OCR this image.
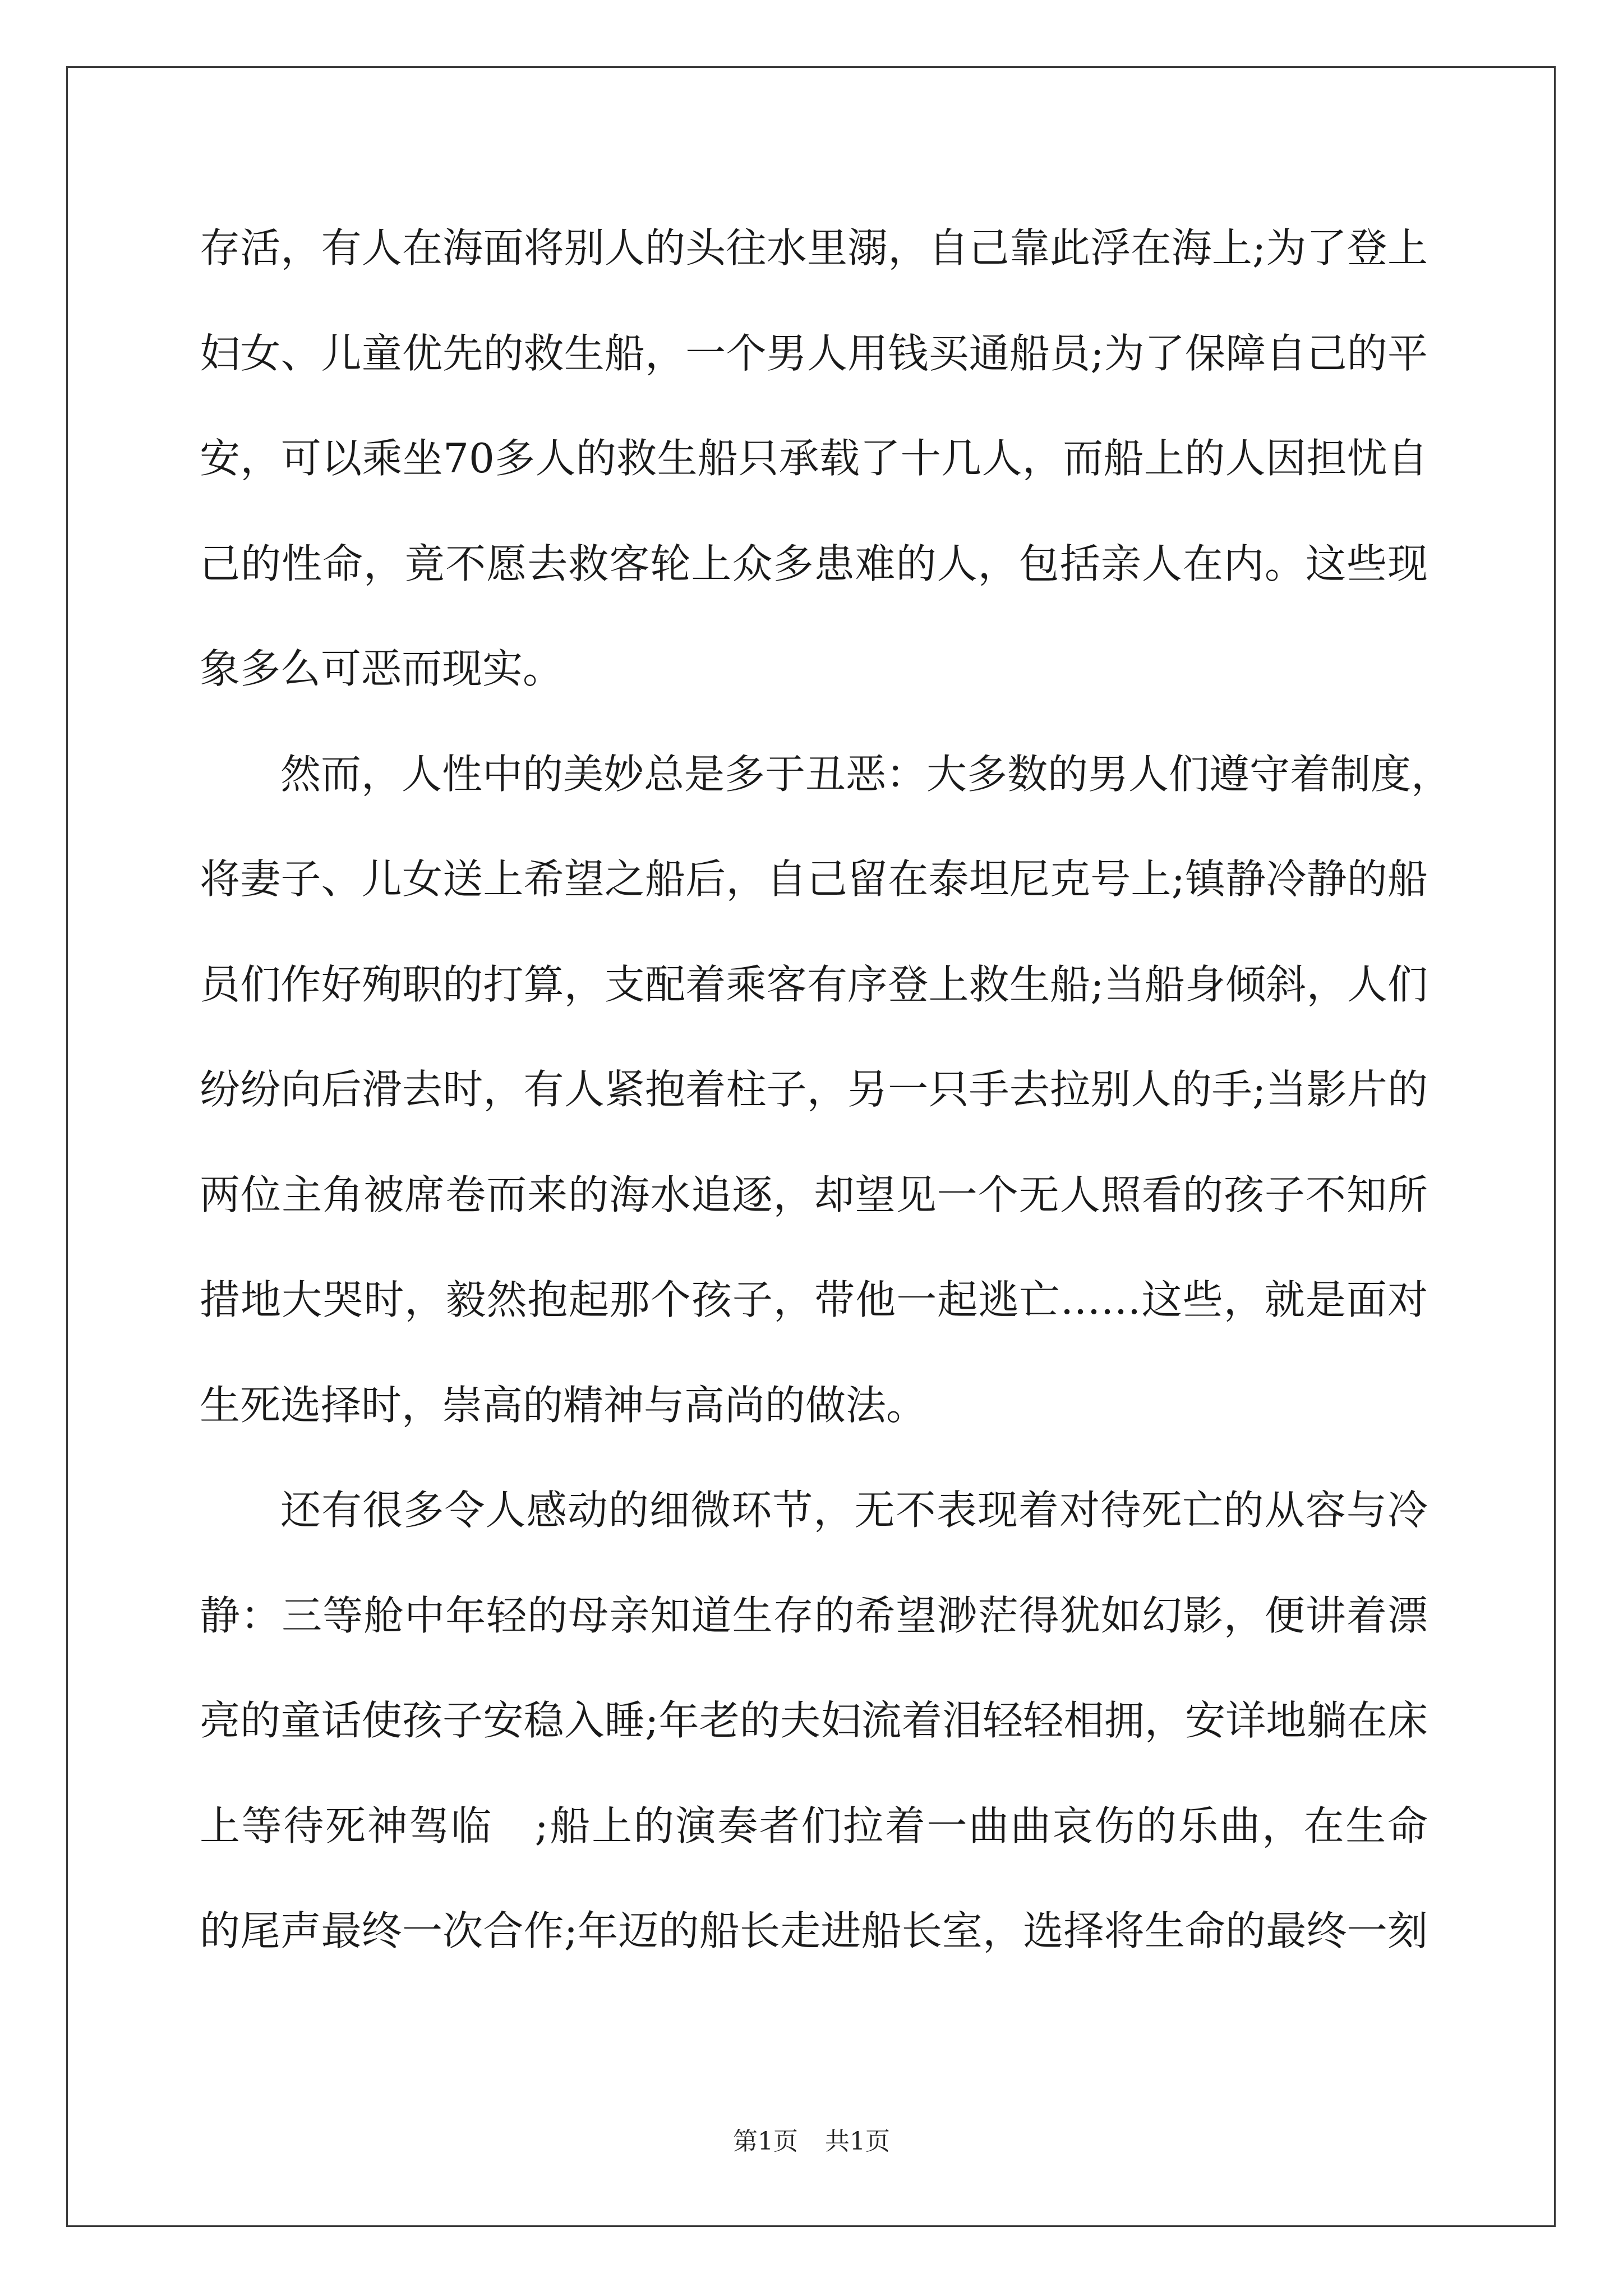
存活，有人在海面将别人的头往水里溺，自己靠此浮在海上;为了登上
妇女、儿童优先的救生船，一个男人用钱买通船员;为了保障自己的平
安，可以乘坐70多人的救生船只承载了十几人，而船上的人因担忧自
己的性命，竟不愿去救客轮上众多患难的人，包括亲人在内。这些现
象多么可恶而现实。
然而，人性中的美妙总是多于丑恶：大多数的男人们遵守着制度，
将妻子、儿女送上希望之船后，自己留在泰坦尼克号上;镇静冷静的船
员们作好殉职的打算，支配着乘客有序登上救生船;当船身倾斜，人们
纷纷向后滑去时，有人紧抱着柱子，另一只手去拉别人的手;当影片的
两位主角被席卷而来的海水追逐，却望见一个无人照看的孩子不知所
措地大哭时，毅然抱起那个孩子，带他一起逃亡……这些，就是面对
生死选择时，崇高的精神与高尚的做法。
还有很多令人感动的细微环节，无不表现着对待死亡的从容与冷
静：三等舱中年轻的母亲知道生存的希望渺茫得犹如幻影，便讲着漂
亮的童话使孩子安稳入睡;年老的夫妇流着泪轻轻相拥，安详地躺在床
上等待死神驾临　;船上的演奏者们拉着一曲曲哀伤的乐曲，在生命
的尾声最终一次合作;年迈的船长走进船长室，选择将生命的最终一刻
第1页 共1页
